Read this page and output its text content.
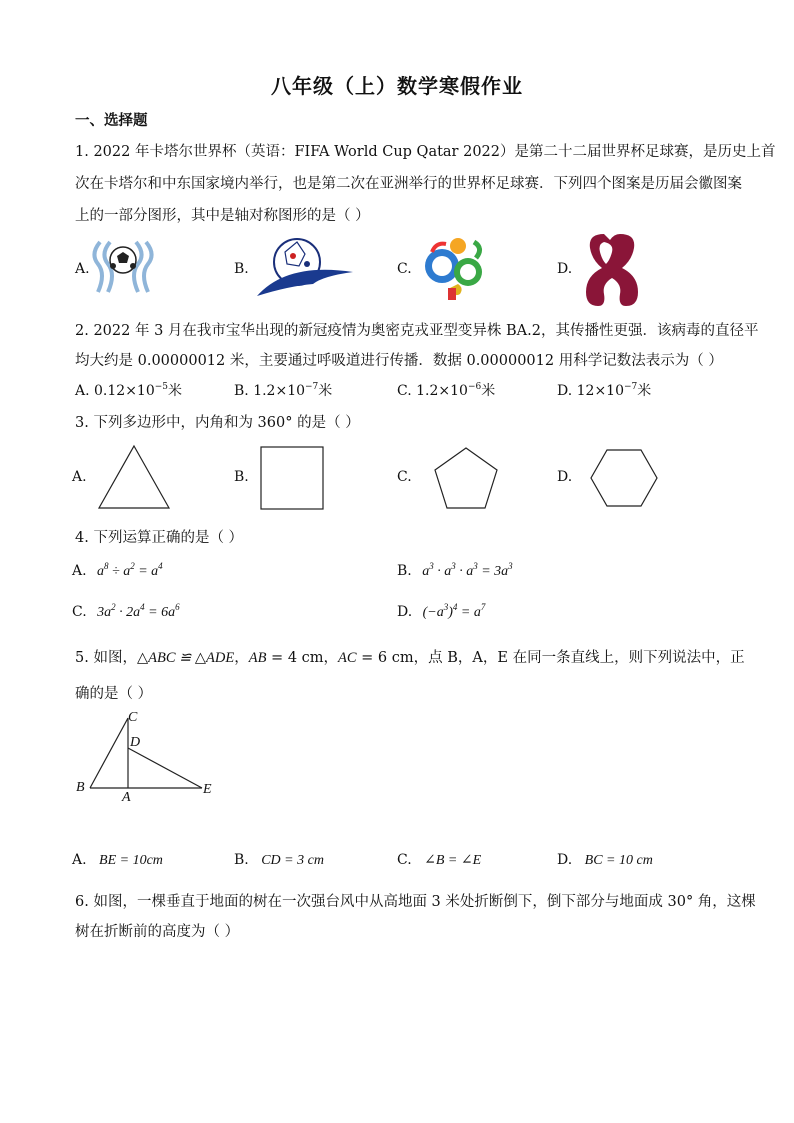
八年级（上）数学寒假作业
一、选择题
1. 2022 年卡塔尔世界杯（英语：FIFA World Cup Qatar 2022）是第二十二届世界杯足球赛，是历史上首
次在卡塔尔和中东国家境内举行，也是第二次在亚洲举行的世界杯足球赛．下列四个图案是历届会徽图案
上的一部分图形，其中是轴对称图形的是（ ）
A.	B.	C.	D.
2. 2022 年 3 月在我市宝华出现的新冠疫情为奥密克戎亚型变异株 BA.2，其传播性更强．该病毒的直径平
均大约是 0.00000012 米，主要通过呼吸道进行传播．数据 0.00000012 用科学记数法表示为（ ）
A. $0.12\times 10^{-5}$米	B. $1.2\times 10^{-7}$米	C. $1.2\times 10^{-6}$米	D. $12\times 10^{-7}$米
3. 下列多边形中，内角和为 360° 的是（ ）
A.	B.	C.	D.
4. 下列运算正确的是（ ）
A. $a^8 \div a^2 = a^4$	B. $a^3 \cdot a^3 \cdot a^3 = 3a^3$
C. $3a^2 \cdot 2a^4 = 6a^6$	D. $(-a^3)^4 = a^7$
5. 如图，△ABC ≌ △ADE，AB = 4 cm，AC = 6 cm，点 B，A，E 在同一条直线上，则下列说法中，正
确的是（ ）
C
D
B
A
E
A. BE = 10cm	B. CD = 3 cm	C. ∠B = ∠E	D. BC = 10 cm
6. 如图，一棵垂直于地面的树在一次强台风中从高地面 3 米处折断倒下，倒下部分与地面成 30° 角，这棵
树在折断前的高度为（ ）
